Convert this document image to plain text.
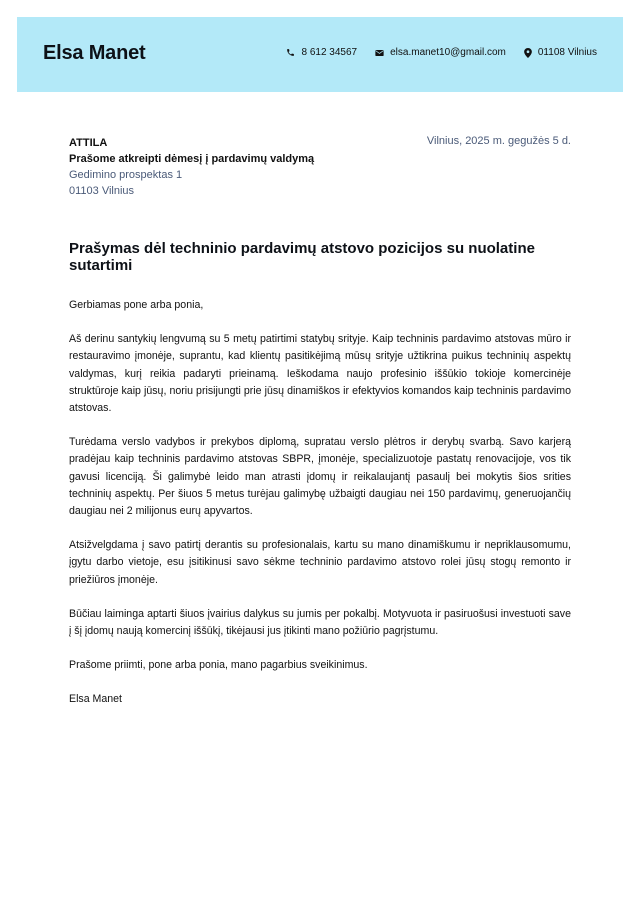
Elsa Manet	8 612 34567	elsa.manet10@gmail.com	01108 Vilnius
ATTILA
Prašome atkreipti dėmesį į pardavimų valdymą
Gedimino prospektas 1
01103 Vilnius
Vilnius, 2025 m. gegužės 5 d.
Prašymas dėl techninio pardavimų atstovo pozicijos su nuolatine sutartimi

Gerbiamas pone arba ponia,

Aš derinu santykių lengvumą su 5 metų patirtimi statybų srityje. Kaip techninis pardavimo atstovas mūro ir restauravimo įmonėje, suprantu, kad klientų pasitikėjimą mūsų srityje užtikrina puikus techninių aspektų valdymas, kurį reikia padaryti prieinamą. Ieškodama naujo profesinio iššūkio tokioje komercinėje struktūroje kaip jūsų, noriu prisijungti prie jūsų dinamiškos ir efektyvios komandos kaip techninis pardavimo atstovas.

Turėdama verslo vadybos ir prekybos diplomą, supratau verslo plėtros ir derybų svarbą. Savo karjerą pradėjau kaip techninis pardavimo atstovas SBPR, įmonėje, specializuotoje pastatų renovacijoje, vos tik gavusi licenciją. Ši galimybė leido man atrasti įdomų ir reikalaujantį pasaulį bei mokytis šios srities techninių aspektų. Per šiuos 5 metus turėjau galimybę užbaigti daugiau nei 150 pardavimų, generuojančių daugiau nei 2 milijonus eurų apyvartos.

Atsižvelgdama į savo patirtį derantis su profesionalais, kartu su mano dinamiškumu ir nepriklausomumu, įgytu darbo vietoje, esu įsitikinusi savo sėkme techninio pardavimo atstovo rolei jūsų stogų remonto ir priežiūros įmonėje.

Būčiau laiminga aptarti šiuos įvairius dalykus su jumis per pokalbį. Motyvuota ir pasiruošusi investuoti save į šį įdomų naują komercinį iššūkį, tikėjausi jus įtikinti mano požiūrio pagrįstumu.

Prašome priimti, pone arba ponia, mano pagarbius sveikinimus.

Elsa Manet
